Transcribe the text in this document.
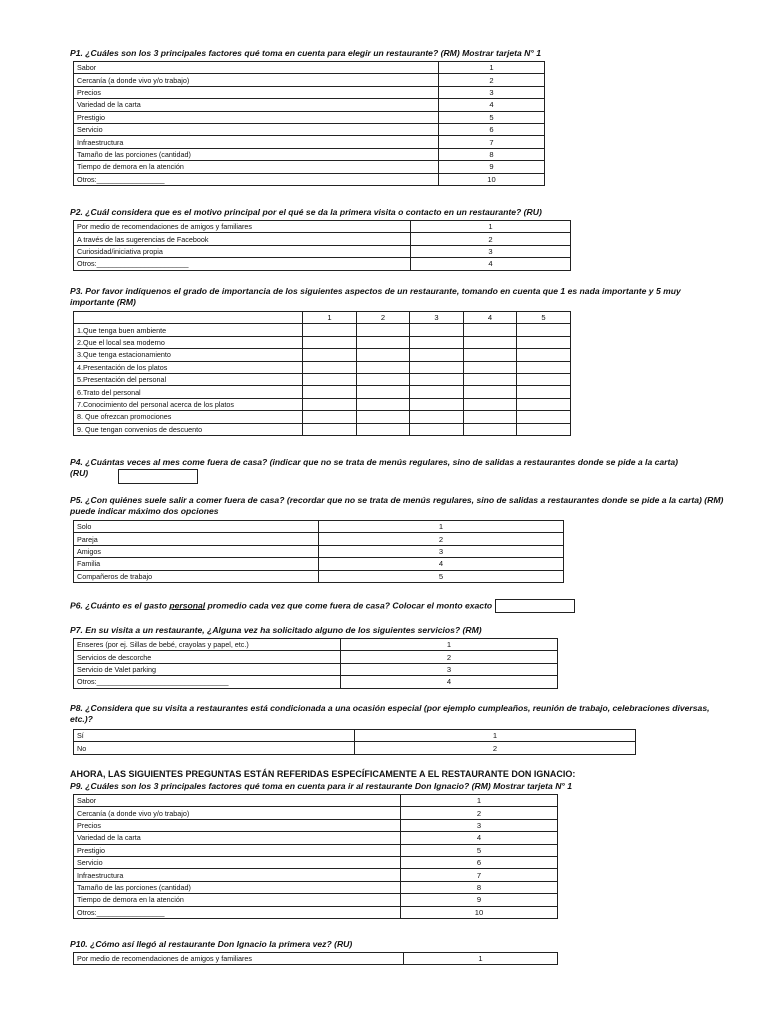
P1. ¿Cuáles son los 3 principales factores qué toma en cuenta para elegir un restaurante? (RM) Mostrar tarjeta N° 1

Sabor	1
Cercanía (a donde vivo y/o trabajo)	2
Precios	3
Variedad de la carta	4
Prestigio	5
Servicio	6
Infraestructura	7
Tamaño de las porciones (cantidad)	8
Tiempo de demora en la atención	9
Otros:_________________	10

P2. ¿Cuál considera que es el motivo principal por el qué se da la primera visita o contacto en un restaurante? (RU)

Por medio de recomendaciones de amigos y familiares	1
A través de las sugerencias de Facebook	2
Curiosidad/iniciativa propia	3
Otros:_______________________	4

P3. Por favor indíquenos el grado de importancia de los siguientes aspectos de un restaurante, tomando en cuenta que 1 es nada importante y 5 muy importante (RM)

	1	2	3	4	5
1.Que tenga buen ambiente					
2.Que el local sea moderno					
3.Que tenga estacionamiento					
4.Presentación de los platos					
5.Presentación del personal					
6.Trato del personal					
7.Conocimiento del personal acerca de los platos					
8. Que ofrezcan promociones					
9. Que tengan convenios de descuento					

P4. ¿Cuántas veces al mes come fuera de casa? (indicar que no se trata de menús regulares, sino de salidas a restaurantes donde se pide a la carta)
(RU)

P5. ¿Con quiénes suele salir a comer fuera de casa? (recordar que no se trata de menús regulares, sino de salidas a restaurantes donde se pide a la carta) (RM) puede indicar máximo dos opciones

Solo	1
Pareja	2
Amigos	3
Familia	4
Compañeros de trabajo	5

P6. ¿Cuánto es el gasto personal promedio cada vez que come fuera de casa? Colocar el monto exacto

P7. En su visita a un restaurante, ¿Alguna vez ha solicitado alguno de los siguientes servicios? (RM)

Enseres (por ej. Sillas de bebé, crayolas y papel, etc.)	1
Servicios de descorche	2
Servicio de Valet parking	3
Otros:_________________________________	4

P8. ¿Considera que su visita a restaurantes está condicionada a una ocasión especial (por ejemplo cumpleaños, reunión de trabajo, celebraciones diversas, etc.)?

Sí	1
No	2

AHORA, LAS SIGUIENTES PREGUNTAS ESTÁN REFERIDAS ESPECÍFICAMENTE A EL RESTAURANTE DON IGNACIO:

P9. ¿Cuáles son los 3 principales factores qué toma en cuenta para ir al restaurante Don Ignacio? (RM) Mostrar tarjeta N° 1

Sabor	1
Cercanía (a donde vivo y/o trabajo)	2
Precios	3
Variedad de la carta	4
Prestigio	5
Servicio	6
Infraestructura	7
Tamaño de las porciones (cantidad)	8
Tiempo de demora en la atención	9
Otros:_________________	10

P10. ¿Cómo así llegó al restaurante Don Ignacio la primera vez? (RU)

Por medio de recomendaciones de amigos y familiares	1
